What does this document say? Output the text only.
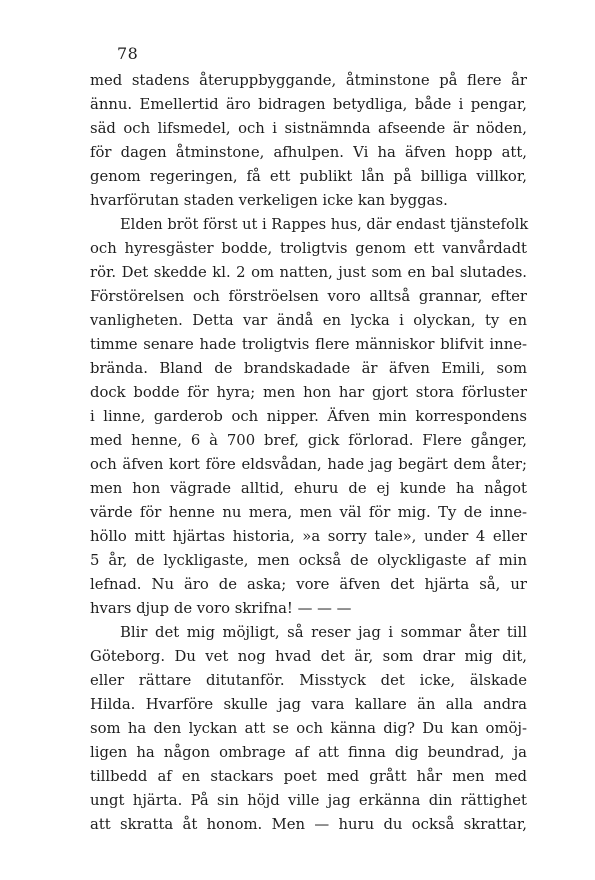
78
med stadens återuppbyggande, åtminstone på flere år
ännu. Emellertid äro bidragen betydliga, både i pengar,
säd och lifsmedel, och i sistnämnda afseende är nöden,
för dagen åtminstone, afhulpen. Vi ha äfven hopp att,
genom regeringen, få ett publikt lån på billiga villkor,
hvarförutan staden verkeligen icke kan byggas.
Elden bröt först ut i Rappes hus, där endast tjänstefolk
och hyresgäster bodde, troligtvis genom ett vanvårdadt
rör. Det skedde kl. 2 om natten, just som en bal slutades.
Förstörelsen och förströelsen voro alltså grannar, efter
vanligheten. Detta var ändå en lycka i olyckan, ty en
timme senare hade troligtvis flere människor blifvit inne-
brända. Bland de brandskadade är äfven Emili, som
dock bodde för hyra; men hon har gjort stora förluster
i linne, garderob och nipper. Äfven min korrespondens
med henne, 6 à 700 bref, gick förlorad. Flere gånger,
och äfven kort före eldsvådan, hade jag begärt dem åter;
men hon vägrade alltid, ehuru de ej kunde ha något
värde för henne nu mera, men väl för mig. Ty de inne-
höllo mitt hjärtas historia, »a sorry tale», under 4 eller
5 år, de lyckligaste, men också de olyckligaste af min
lefnad. Nu äro de aska; vore äfven det hjärta så, ur
hvars djup de voro skrifna! — — —
Blir det mig möjligt, så reser jag i sommar åter till
Göteborg. Du vet nog hvad det är, som drar mig dit,
eller rättare ditutanför. Misstyck det icke, älskade
Hilda. Hvarföre skulle jag vara kallare än alla andra
som ha den lyckan att se och känna dig? Du kan omöj-
ligen ha någon ombrage af att finna dig beundrad, ja
tillbedd af en stackars poet med grått hår men med
ungt hjärta. På sin höjd ville jag erkänna din rättighet
att skratta åt honom. Men — huru du också skrattar,
